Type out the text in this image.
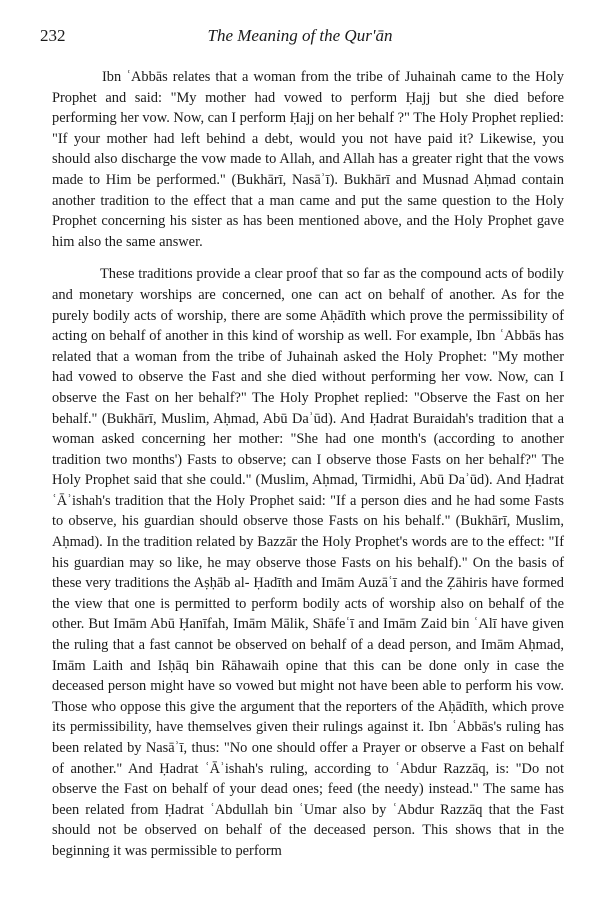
232	The Meaning of the Qur'ān

Ibn ʿAbbās relates that a woman from the tribe of Juhainah came to the Holy Prophet and said: "My mother had vowed to perform Ḥajj but she died before performing her vow. Now, can I perform Ḥajj on her behalf ?" The Holy Prophet replied: "If your mother had left behind a debt, would you not have paid it? Likewise, you should also discharge the vow made to Allah, and Allah has a greater right that the vows made to Him be performed." (Bukhārī, Nasāʾī). Bukhārī and Musnad Aḥmad contain another tradition to the effect that a man came and put the same question to the Holy Prophet concerning his sister as has been mentioned above, and the Holy Prophet gave him also the same answer.

These traditions provide a clear proof that so far as the compound acts of bodily and monetary worships are concerned, one can act on behalf of another. As for the purely bodily acts of worship, there are some Aḥādīth which prove the permissibility of acting on behalf of another in this kind of worship as well. For example, Ibn ʿAbbās has related that a woman from the tribe of Juhainah asked the Holy Prophet: "My mother had vowed to observe the Fast and she died without performing her vow. Now, can I observe the Fast on her behalf?" The Holy Prophet replied: "Observe the Fast on her behalf." (Bukhārī, Muslim, Aḥmad, Abū Daʾūd). And Ḥadrat Buraidah's tradition that a woman asked concerning her mother: "She had one month's (according to another tradition two months') Fasts to observe; can I observe those Fasts on her behalf?" The Holy Prophet said that she could." (Muslim, Aḥmad, Tirmidhi, Abū Daʾūd). And Ḥadrat ʿĀʾishah's tradition that the Holy Prophet said: "If a person dies and he had some Fasts to observe, his guardian should observe those Fasts on his behalf." (Bukhārī, Muslim, Aḥmad). In the tradition related by Bazzār the Holy Prophet's words are to the effect: "If his guardian may so like, he may observe those Fasts on his behalf)." On the basis of these very traditions the Aṣḥāb al- Ḥadīth and Imām Auzāʿī and the Ẓāhiris have formed the view that one is permitted to perform bodily acts of worship also on behalf of the other. But Imām Abū Ḥanīfah, Imām Mālik, Shāfeʿī and Imām Zaid bin ʿAlī have given the ruling that a fast cannot be observed on behalf of a dead person, and Imām Aḥmad, Imām Laith and Isḥāq bin Rāhawaih opine that this can be done only in case the deceased person might have so vowed but might not have been able to perform his vow. Those who oppose this give the argument that the reporters of the Aḥādīth, which prove its permissibility, have themselves given their rulings against it. Ibn ʿAbbās's ruling has been related by Nasāʾī, thus: "No one should offer a Prayer or observe a Fast on behalf of another." And Ḥadrat ʿĀʾishah's ruling, according to ʿAbdur Razzāq, is: "Do not observe the Fast on behalf of your dead ones; feed (the needy) instead." The same has been related from Ḥadrat ʿAbdullah bin ʿUmar also by ʿAbdur Razzāq that the Fast should not be observed on behalf of the deceased person. This shows that in the beginning it was permissible to perform
